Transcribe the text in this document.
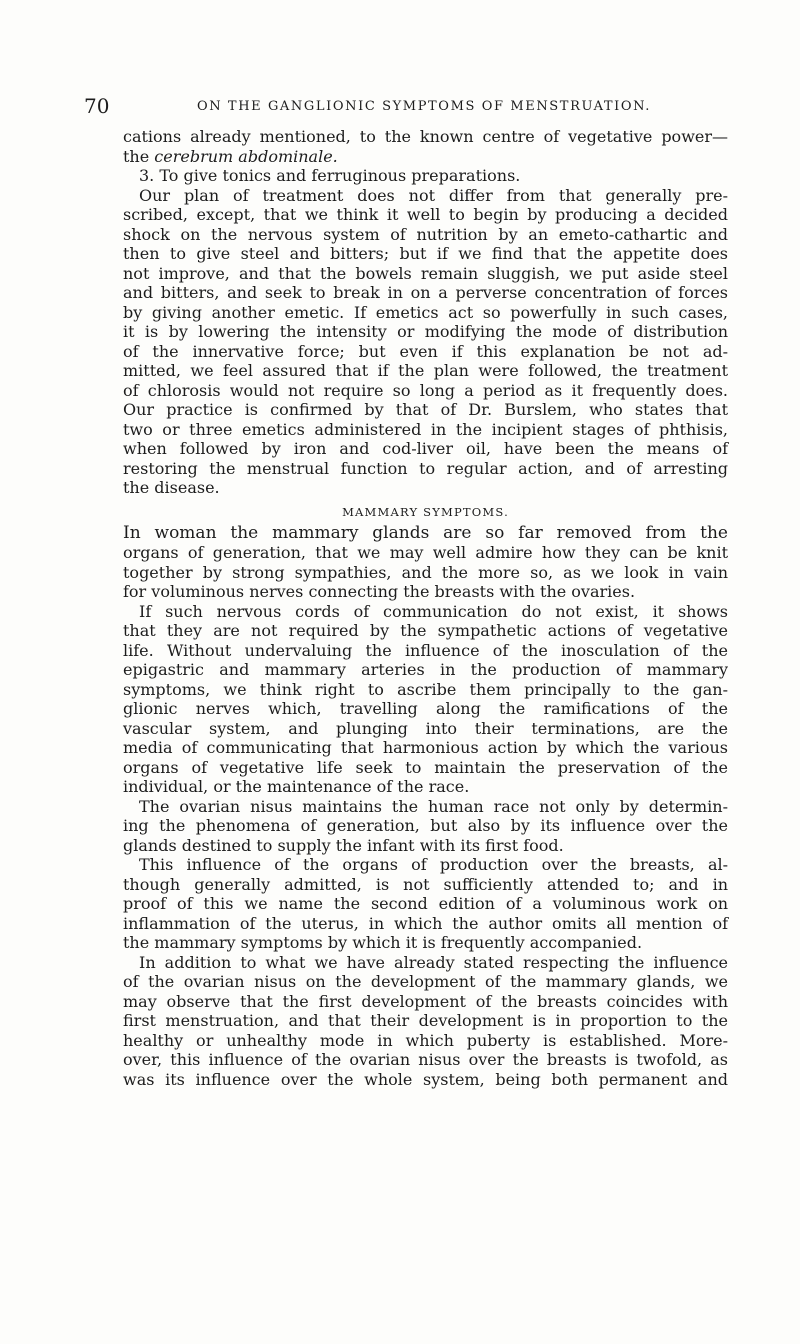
70	ON THE GANGLIONIC SYMPTOMS OF MENSTRUATION.
cations already mentioned, to the known centre of vegetative power—
the cerebrum abdominale.
3. To give tonics and ferruginous preparations.
Our plan of treatment does not differ from that generally pre-
scribed, except, that we think it well to begin by producing a decided
shock on the nervous system of nutrition by an emeto-cathartic and
then to give steel and bitters; but if we find that the appetite does
not improve, and that the bowels remain sluggish, we put aside steel
and bitters, and seek to break in on a perverse concentration of forces
by giving another emetic. If emetics act so powerfully in such cases,
it is by lowering the intensity or modifying the mode of distribution
of the innervative force; but even if this explanation be not ad-
mitted, we feel assured that if the plan were followed, the treatment
of chlorosis would not require so long a period as it frequently does.
Our practice is confirmed by that of Dr. Burslem, who states that
two or three emetics administered in the incipient stages of phthisis,
when followed by iron and cod-liver oil, have been the means of
restoring the menstrual function to regular action, and of arresting
the disease.
MAMMARY SYMPTOMS.
In woman the mammary glands are so far removed from the
organs of generation, that we may well admire how they can be knit
together by strong sympathies, and the more so, as we look in vain
for voluminous nerves connecting the breasts with the ovaries.
If such nervous cords of communication do not exist, it shows
that they are not required by the sympathetic actions of vegetative
life. Without undervaluing the influence of the inosculation of the
epigastric and mammary arteries in the production of mammary
symptoms, we think right to ascribe them principally to the gan-
glionic nerves which, travelling along the ramifications of the
vascular system, and plunging into their terminations, are the
media of communicating that harmonious action by which the various
organs of vegetative life seek to maintain the preservation of the
individual, or the maintenance of the race.
The ovarian nisus maintains the human race not only by determin-
ing the phenomena of generation, but also by its influence over the
glands destined to supply the infant with its first food.
This influence of the organs of production over the breasts, al-
though generally admitted, is not sufficiently attended to; and in
proof of this we name the second edition of a voluminous work on
inflammation of the uterus, in which the author omits all mention of
the mammary symptoms by which it is frequently accompanied.
In addition to what we have already stated respecting the influence
of the ovarian nisus on the development of the mammary glands, we
may observe that the first development of the breasts coincides with
first menstruation, and that their development is in proportion to the
healthy or unhealthy mode in which puberty is established. More-
over, this influence of the ovarian nisus over the breasts is twofold, as
was its influence over the whole system, being both permanent and
